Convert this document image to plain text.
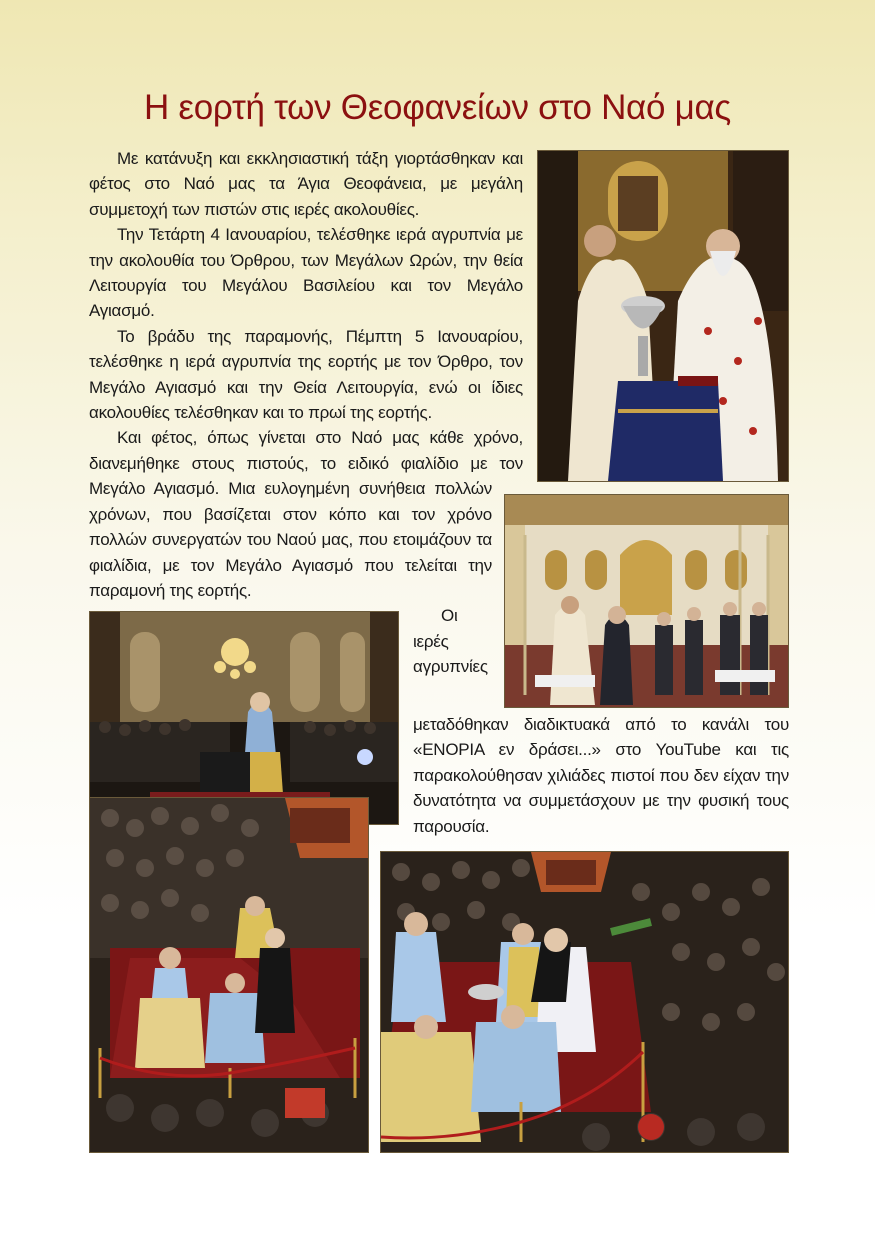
Η εορτή των Θεοφανείων στο Ναό μας

Με κατάνυξη και εκκλησιαστική τάξη γιορτάσθηκαν και φέτος στο Ναό μας τα Άγια Θεοφάνεια, με μεγάλη συμμετοχή των πιστών στις ιερές ακολουθίες.

Την Τετάρτη 4 Ιανουαρίου, τελέσθηκε ιερά αγρυπνία με την ακολουθία του Όρθρου, των Μεγάλων Ωρών, την θεία Λειτουργία του Μεγάλου Βασιλείου και τον Μεγάλο Αγιασμό.

Το βράδυ της παραμονής, Πέμπτη 5 Ιανουαρίου, τελέσθηκε η ιερά αγρυπνία της εορτής με τον Όρθρο, τον Μεγάλο Αγιασμό και την Θεία Λειτουργία, ενώ οι ίδιες ακολουθίες τελέσθηκαν και το πρωί της εορτής.

Και φέτος, όπως γίνεται στο Ναό μας κάθε χρόνο, διανεμήθηκε στους πιστούς, το ειδικό φιαλίδιο με τον Μεγάλο Αγιασμό. Μια ευλογημένη συνήθεια πολλών χρόνων, που βασίζεται στον κόπο και τον χρόνο πολλών συνεργατών του Ναού μας, που ετοιμάζουν τα φιαλίδια, με τον Μεγάλο Αγιασμό που τελείται την παραμονή της εορτής.

Οι ιερές αγρυπνίες μεταδόθηκαν διαδικτυακά από το κανάλι του «ΕΝΟΡΙΑ εν δράσει...» στο YouTube και τις παρακολούθησαν χιλιάδες πιστοί που δεν είχαν την δυνατότητα να συμμετάσχουν με την φυσική τους παρουσία.
